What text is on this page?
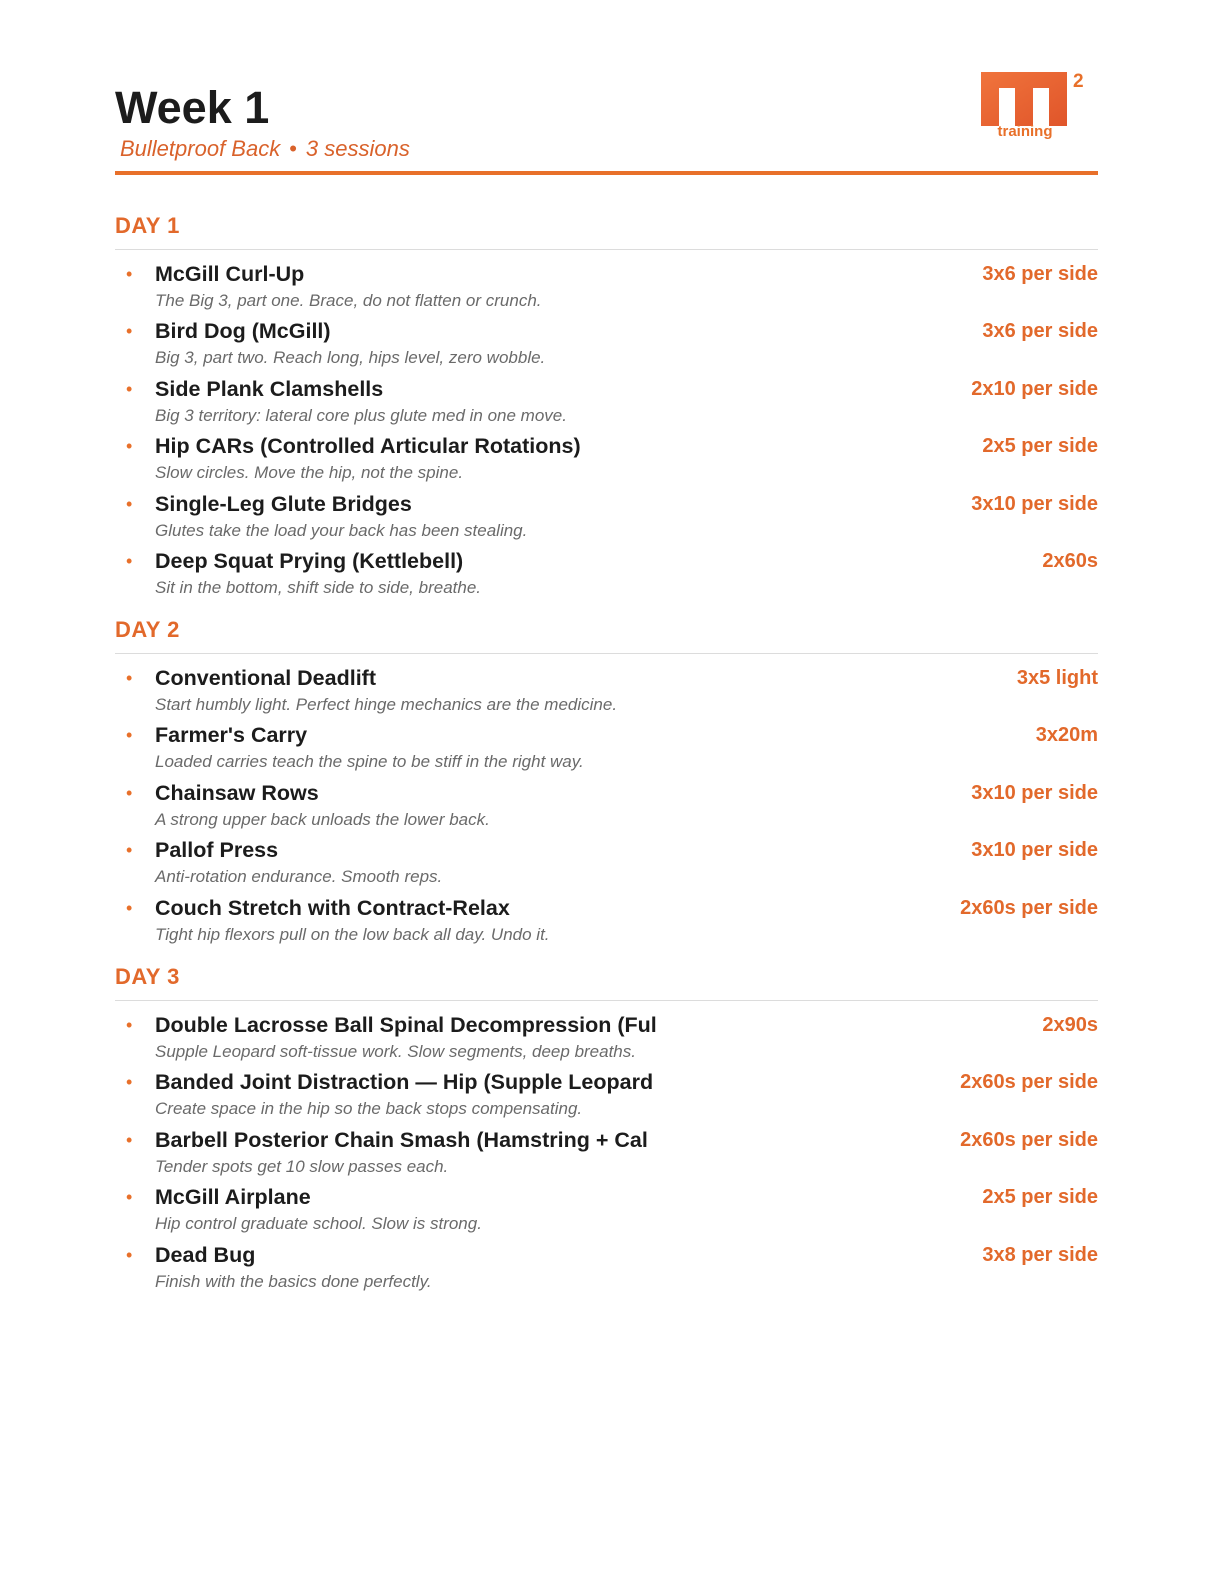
Week 1
Bulletproof Back • 3 sessions
2
training
DAY 1
• McGill Curl-Up	3x6 per side
The Big 3, part one. Brace, do not flatten or crunch.
• Bird Dog (McGill)	3x6 per side
Big 3, part two. Reach long, hips level, zero wobble.
• Side Plank Clamshells	2x10 per side
Big 3 territory: lateral core plus glute med in one move.
• Hip CARs (Controlled Articular Rotations)	2x5 per side
Slow circles. Move the hip, not the spine.
• Single-Leg Glute Bridges	3x10 per side
Glutes take the load your back has been stealing.
• Deep Squat Prying (Kettlebell)	2x60s
Sit in the bottom, shift side to side, breathe.
DAY 2
• Conventional Deadlift	3x5 light
Start humbly light. Perfect hinge mechanics are the medicine.
• Farmer's Carry	3x20m
Loaded carries teach the spine to be stiff in the right way.
• Chainsaw Rows	3x10 per side
A strong upper back unloads the lower back.
• Pallof Press	3x10 per side
Anti-rotation endurance. Smooth reps.
• Couch Stretch with Contract-Relax	2x60s per side
Tight hip flexors pull on the low back all day. Undo it.
DAY 3
• Double Lacrosse Ball Spinal Decompression (Ful	2x90s
Supple Leopard soft-tissue work. Slow segments, deep breaths.
• Banded Joint Distraction — Hip (Supple Leopard	2x60s per side
Create space in the hip so the back stops compensating.
• Barbell Posterior Chain Smash (Hamstring + Cal	2x60s per side
Tender spots get 10 slow passes each.
• McGill Airplane	2x5 per side
Hip control graduate school. Slow is strong.
• Dead Bug	3x8 per side
Finish with the basics done perfectly.
